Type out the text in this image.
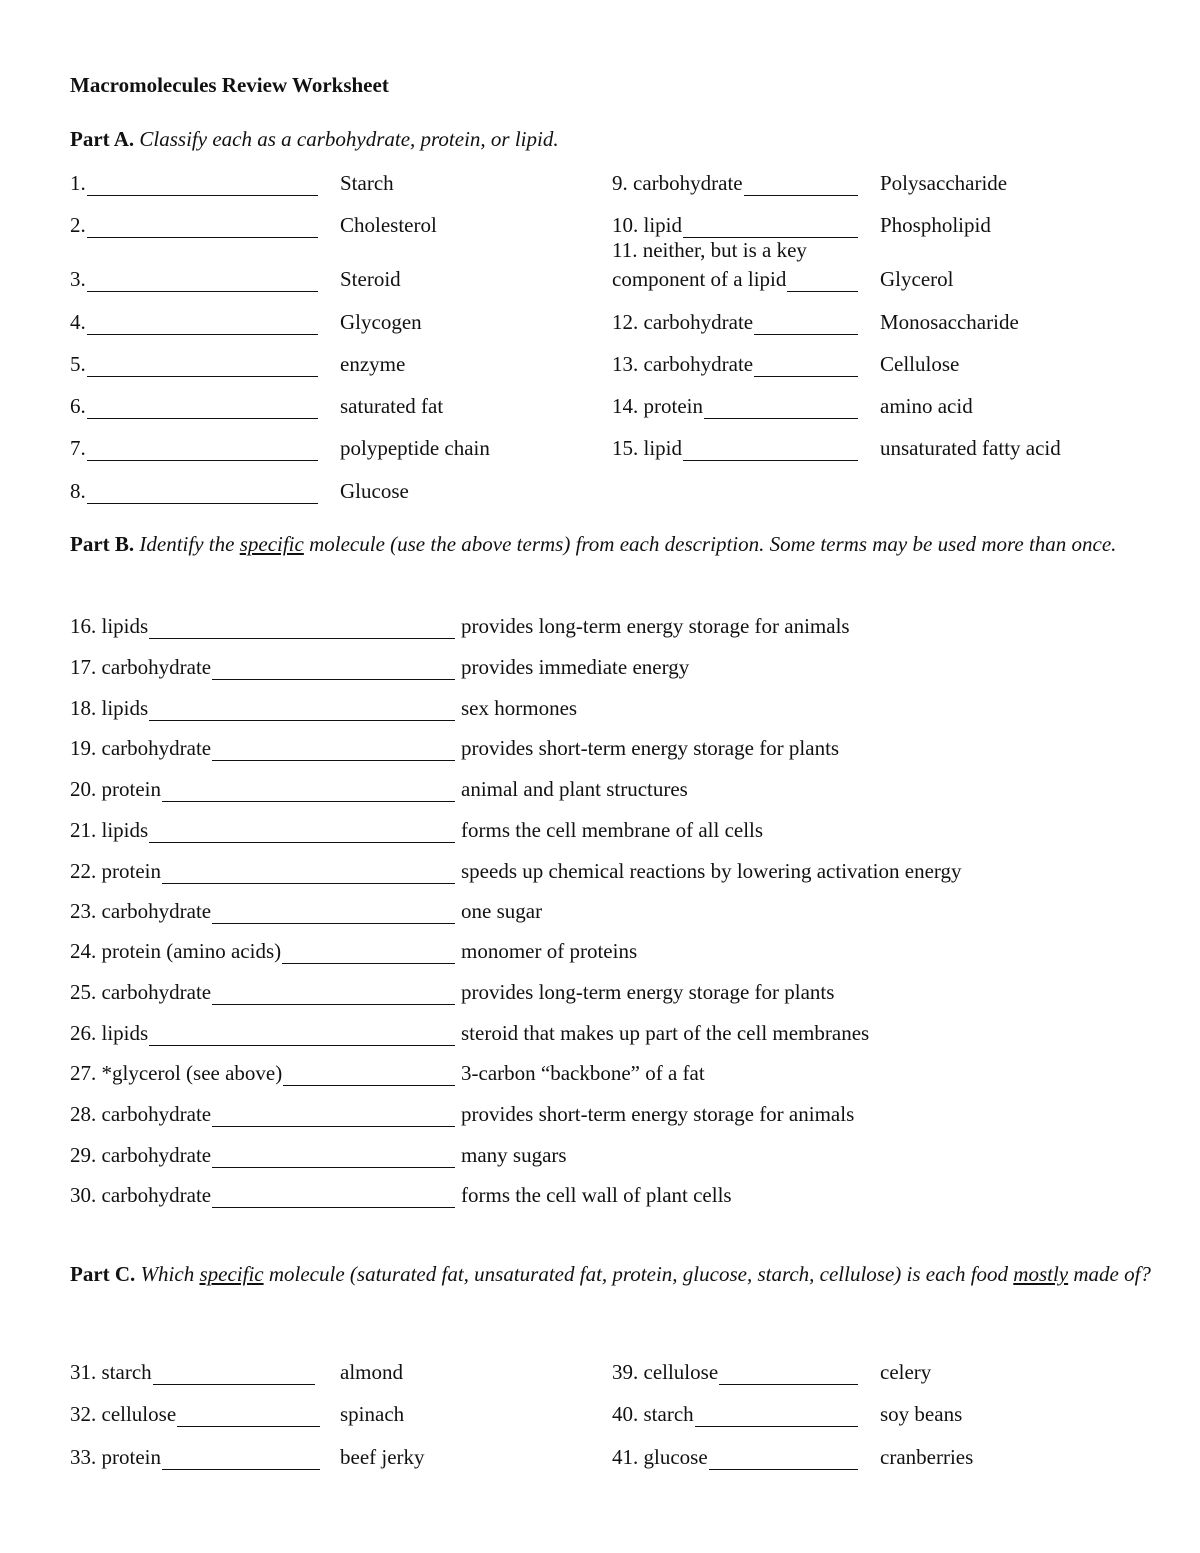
Macromolecules Review Worksheet
Part A. Classify each as a carbohydrate, protein, or lipid.
1.	Starch
2.	Cholesterol
3.	Steroid
4.	Glycogen
5.	enzyme
6.	saturated fat
7.	polypeptide chain
8.	Glucose
9. carbohydrate	Polysaccharide
10. lipid	Phospholipid
11. neither, but is a key
component of a lipid	Glycerol
12. carbohydrate	Monosaccharide
13. carbohydrate	Cellulose
14. protein	amino acid
15. lipid	unsaturated fatty acid
Part B. Identify the specific molecule (use the above terms) from each description. Some terms may be used more than once.
16. lipids	provides long-term energy storage for animals
17. carbohydrate	provides immediate energy
18. lipids	sex hormones
19. carbohydrate	provides short-term energy storage for plants
20. protein	animal and plant structures
21. lipids	forms the cell membrane of all cells
22. protein	speeds up chemical reactions by lowering activation energy
23. carbohydrate	one sugar
24. protein (amino acids)	monomer of proteins
25. carbohydrate	provides long-term energy storage for plants
26. lipids	steroid that makes up part of the cell membranes
27. *glycerol (see above)	3-carbon “backbone” of a fat
28. carbohydrate	provides short-term energy storage for animals
29. carbohydrate	many sugars
30. carbohydrate	forms the cell wall of plant cells
Part C. Which specific molecule (saturated fat, unsaturated fat, protein, glucose, starch, cellulose) is each food mostly made of?
31. starch	almond
32. cellulose	spinach
33. protein	beef jerky
39. cellulose	celery
40. starch	soy beans
41. glucose	cranberries
